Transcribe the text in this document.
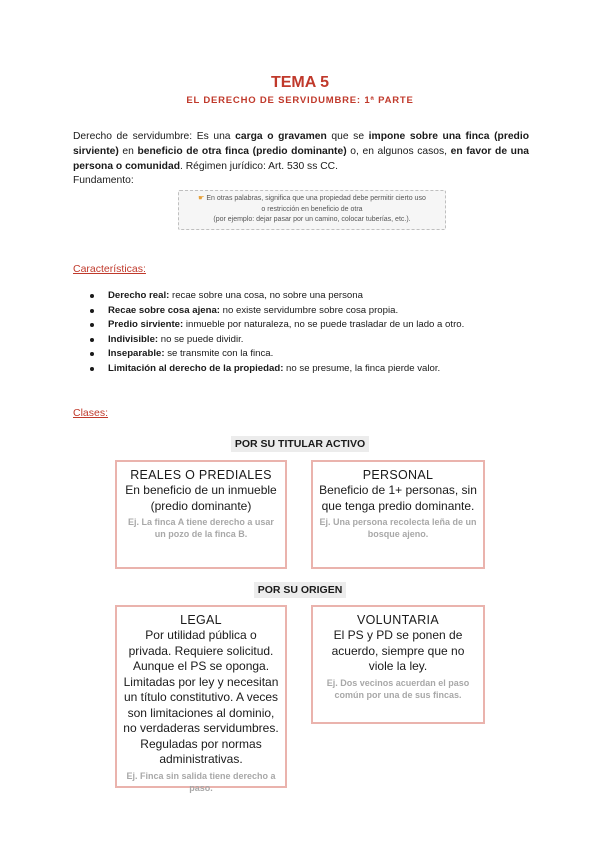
TEMA 5
EL DERECHO DE SERVIDUMBRE: 1ª PARTE

Derecho de servidumbre: Es una carga o gravamen que se impone sobre una finca (predio sirviente) en beneficio de otra finca (predio dominante) o, en algunos casos, en favor de una persona o comunidad. Régimen jurídico: Art. 530 ss CC.

Fundamento:
☛ En otras palabras, significa que una propiedad debe permitir cierto uso
o restricción en beneficio de otra
(por ejemplo: dejar pasar por un camino, colocar tuberías, etc.).
Características:
Derecho real: recae sobre una cosa, no sobre una persona
Recae sobre cosa ajena: no existe servidumbre sobre cosa propia.
Predio sirviente: inmueble por naturaleza, no se puede trasladar de un lado a otro.
Indivisible: no se puede dividir.
Inseparable: se transmite con la finca.
Limitación al derecho de la propiedad: no se presume, la finca pierde valor.
Clases:
POR SU TITULAR ACTIVO
REALES O PREDIALES
En beneficio de un inmueble (predio dominante)
Ej. La finca A tiene derecho a usar un pozo de la finca B.
PERSONAL
Beneficio de 1+ personas, sin que tenga predio dominante.
Ej. Una persona recolecta leña de un bosque ajeno.
POR SU ORIGEN
LEGAL
Por utilidad pública o privada. Requiere solicitud. Aunque el PS se oponga. Limitadas por ley y necesitan un título constitutivo. A veces son limitaciones al dominio, no verdaderas servidumbres. Reguladas por normas administrativas.
Ej. Finca sin salida tiene derecho a paso.
VOLUNTARIA
El PS y PD se ponen de acuerdo, siempre que no viole la ley.
Ej. Dos vecinos acuerdan el paso común por una de sus fincas.
